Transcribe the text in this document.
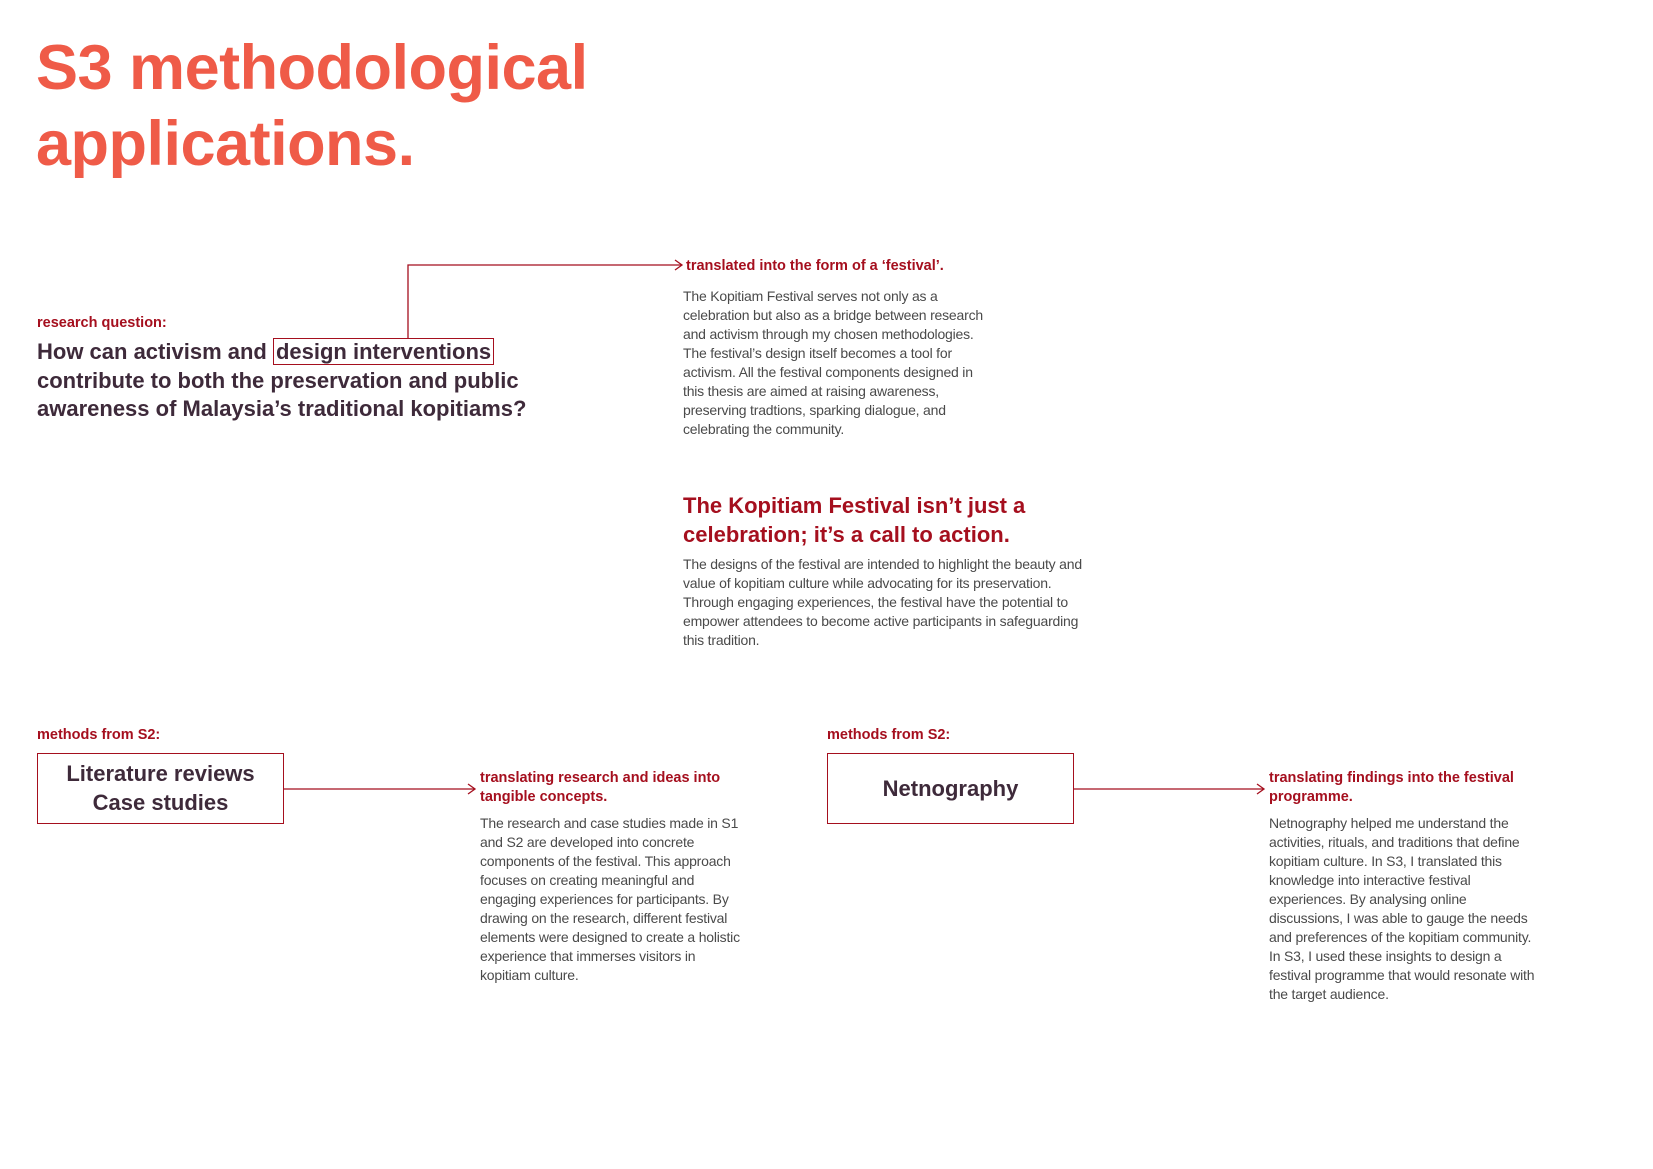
S3 methodological
applications.
research question:
How can activism and design interventions contribute to both the preservation and public awareness of Malaysia’s traditional kopitiams?
translated into the form of a ‘festival’.
The Kopitiam Festival serves not only as a celebration but also as a bridge between research and activism through my chosen methodologies. The festival’s design itself becomes a tool for activism. All the festival components designed in this thesis are aimed at raising awareness, preserving tradtions, sparking dialogue, and celebrating the community.
The Kopitiam Festival isn’t just a celebration; it’s a call to action.
The designs of the festival are intended to highlight the beauty and value of kopitiam culture while advocating for its preservation. Through engaging experiences, the festival have the potential to empower attendees to become active participants in safeguarding this tradition.
methods from S2:
Literature reviews
Case studies
translating research and ideas into tangible concepts.
The research and case studies made in S1 and S2 are developed into concrete components of the festival. This approach focuses on creating meaningful and engaging experiences for participants. By drawing on the research, different festival elements were designed to create a holistic experience that immerses visitors in kopitiam culture.
methods from S2:
Netnography	translating findings into the festival programme.
Netnography helped me understand the activities, rituals, and traditions that define kopitiam culture. In S3, I translated this knowledge into interactive festival experiences. By analysing online discussions, I was able to gauge the needs and preferences of the kopitiam community. In S3, I used these insights to design a festival programme that would resonate with the target audience.
